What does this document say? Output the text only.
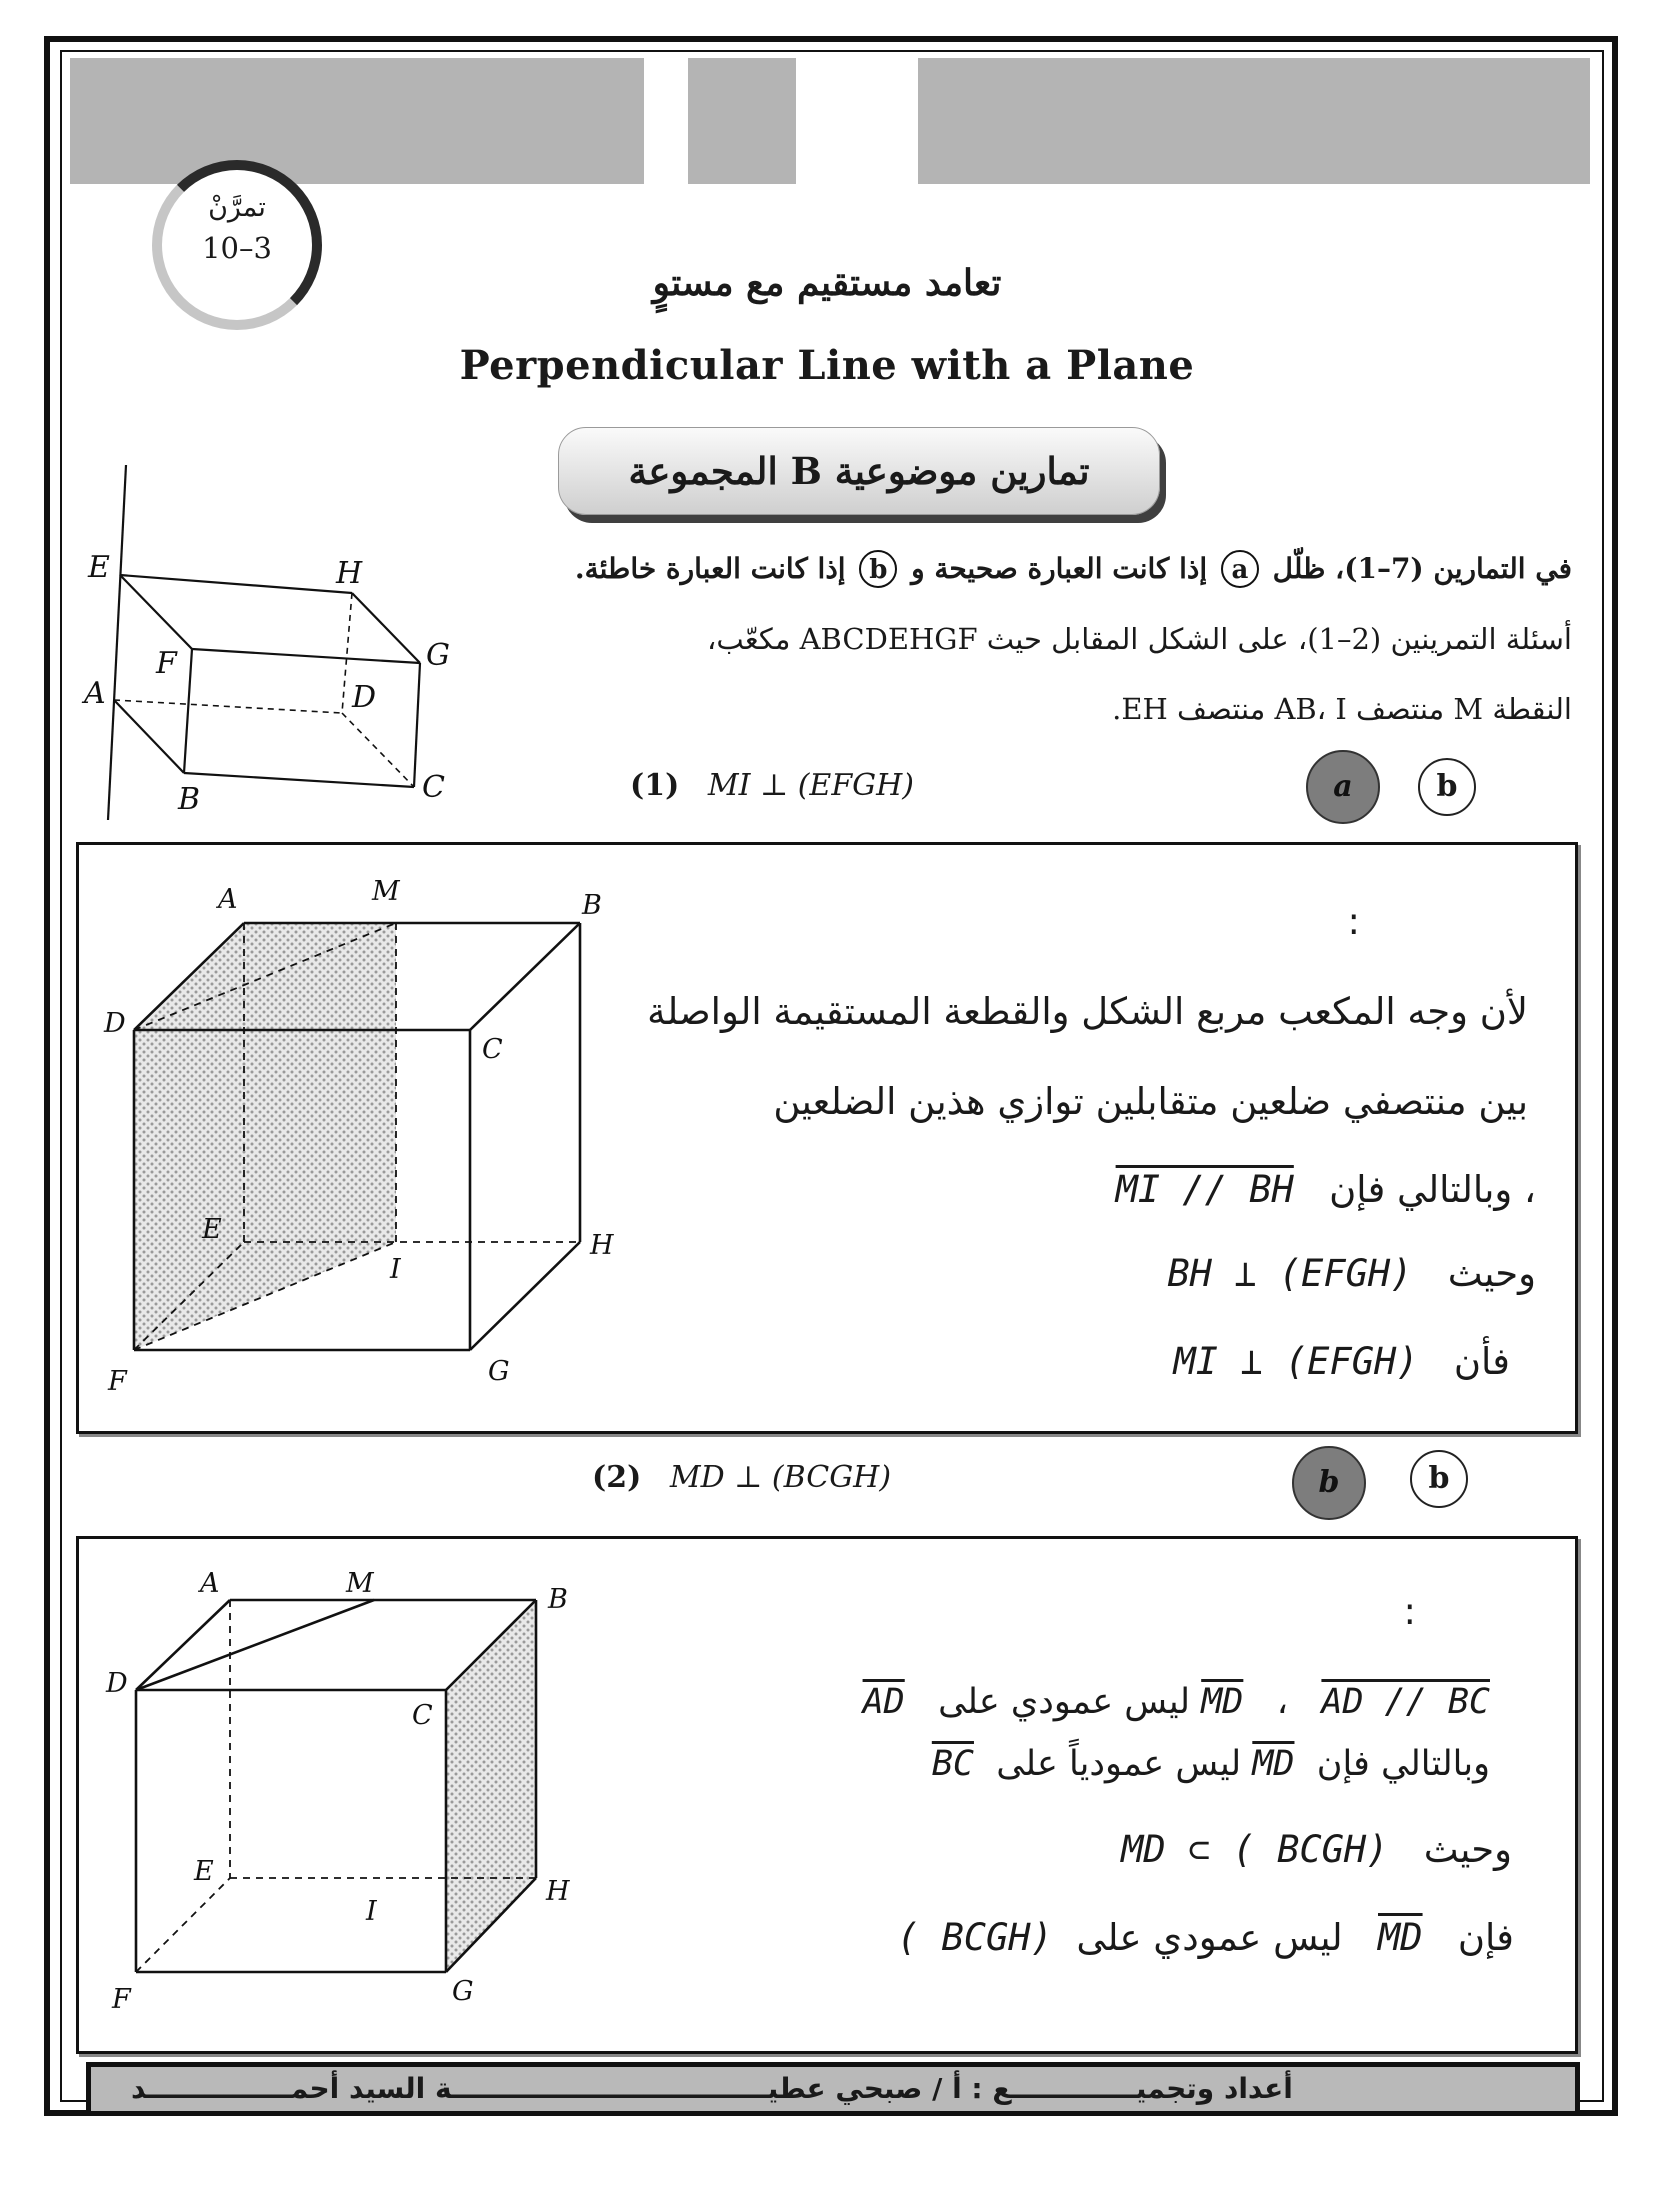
تمرَّنْ
10–3
تعامد مستقيم مع مستوٍ
Perpendicular Line with a Plane
المجموعة B تمارين موضوعية
E	H
F	G
A	D
B	C
في التمارين (7–1)، ظلّل a إذا كانت العبارة صحيحة و b إذا كانت العبارة خاطئة.
أسئلة التمرينين (2–1)، على الشكل المقابل حيث ABCDEHGF مكعّب،
النقطة M منتصف AB، I منتصف EH.
(1) MI ⊥ (EFGH)	a	b
A	M	B
D
C
E
H
I
F	G
:
لأن وجه المكعب مربع الشكل والقطعة المستقيمة الواصلة
بين منتصفي ضلعين متقابلين توازي هذين الضلعين
، وبالتالي فإن   MI // BH
وحيث   BH ⊥ (EFGH)
فأن   MI ⊥ (EFGH)
(2) MD ⊥ (BCGH)	b	b
A	M
B
D
C
E
H
I
F	G
:
AD // BC   ،   $\overline{MD}$ ليس عمودي على   $\overline{AD}$
وبالتالي فإن  $\overline{MD}$ ليس عمودياً على  $\overline{BC}$
وحيث   MD ⊂ ( BCGH)
فإن   $\overline{MD}$   ليس عمودي على  ( BCGH)
أعداد وتجميـــــــــــــع : أ / صبحي عطيـــــــــــــــــــــــــــــــــة السيد أحمـــــــــــــــد
